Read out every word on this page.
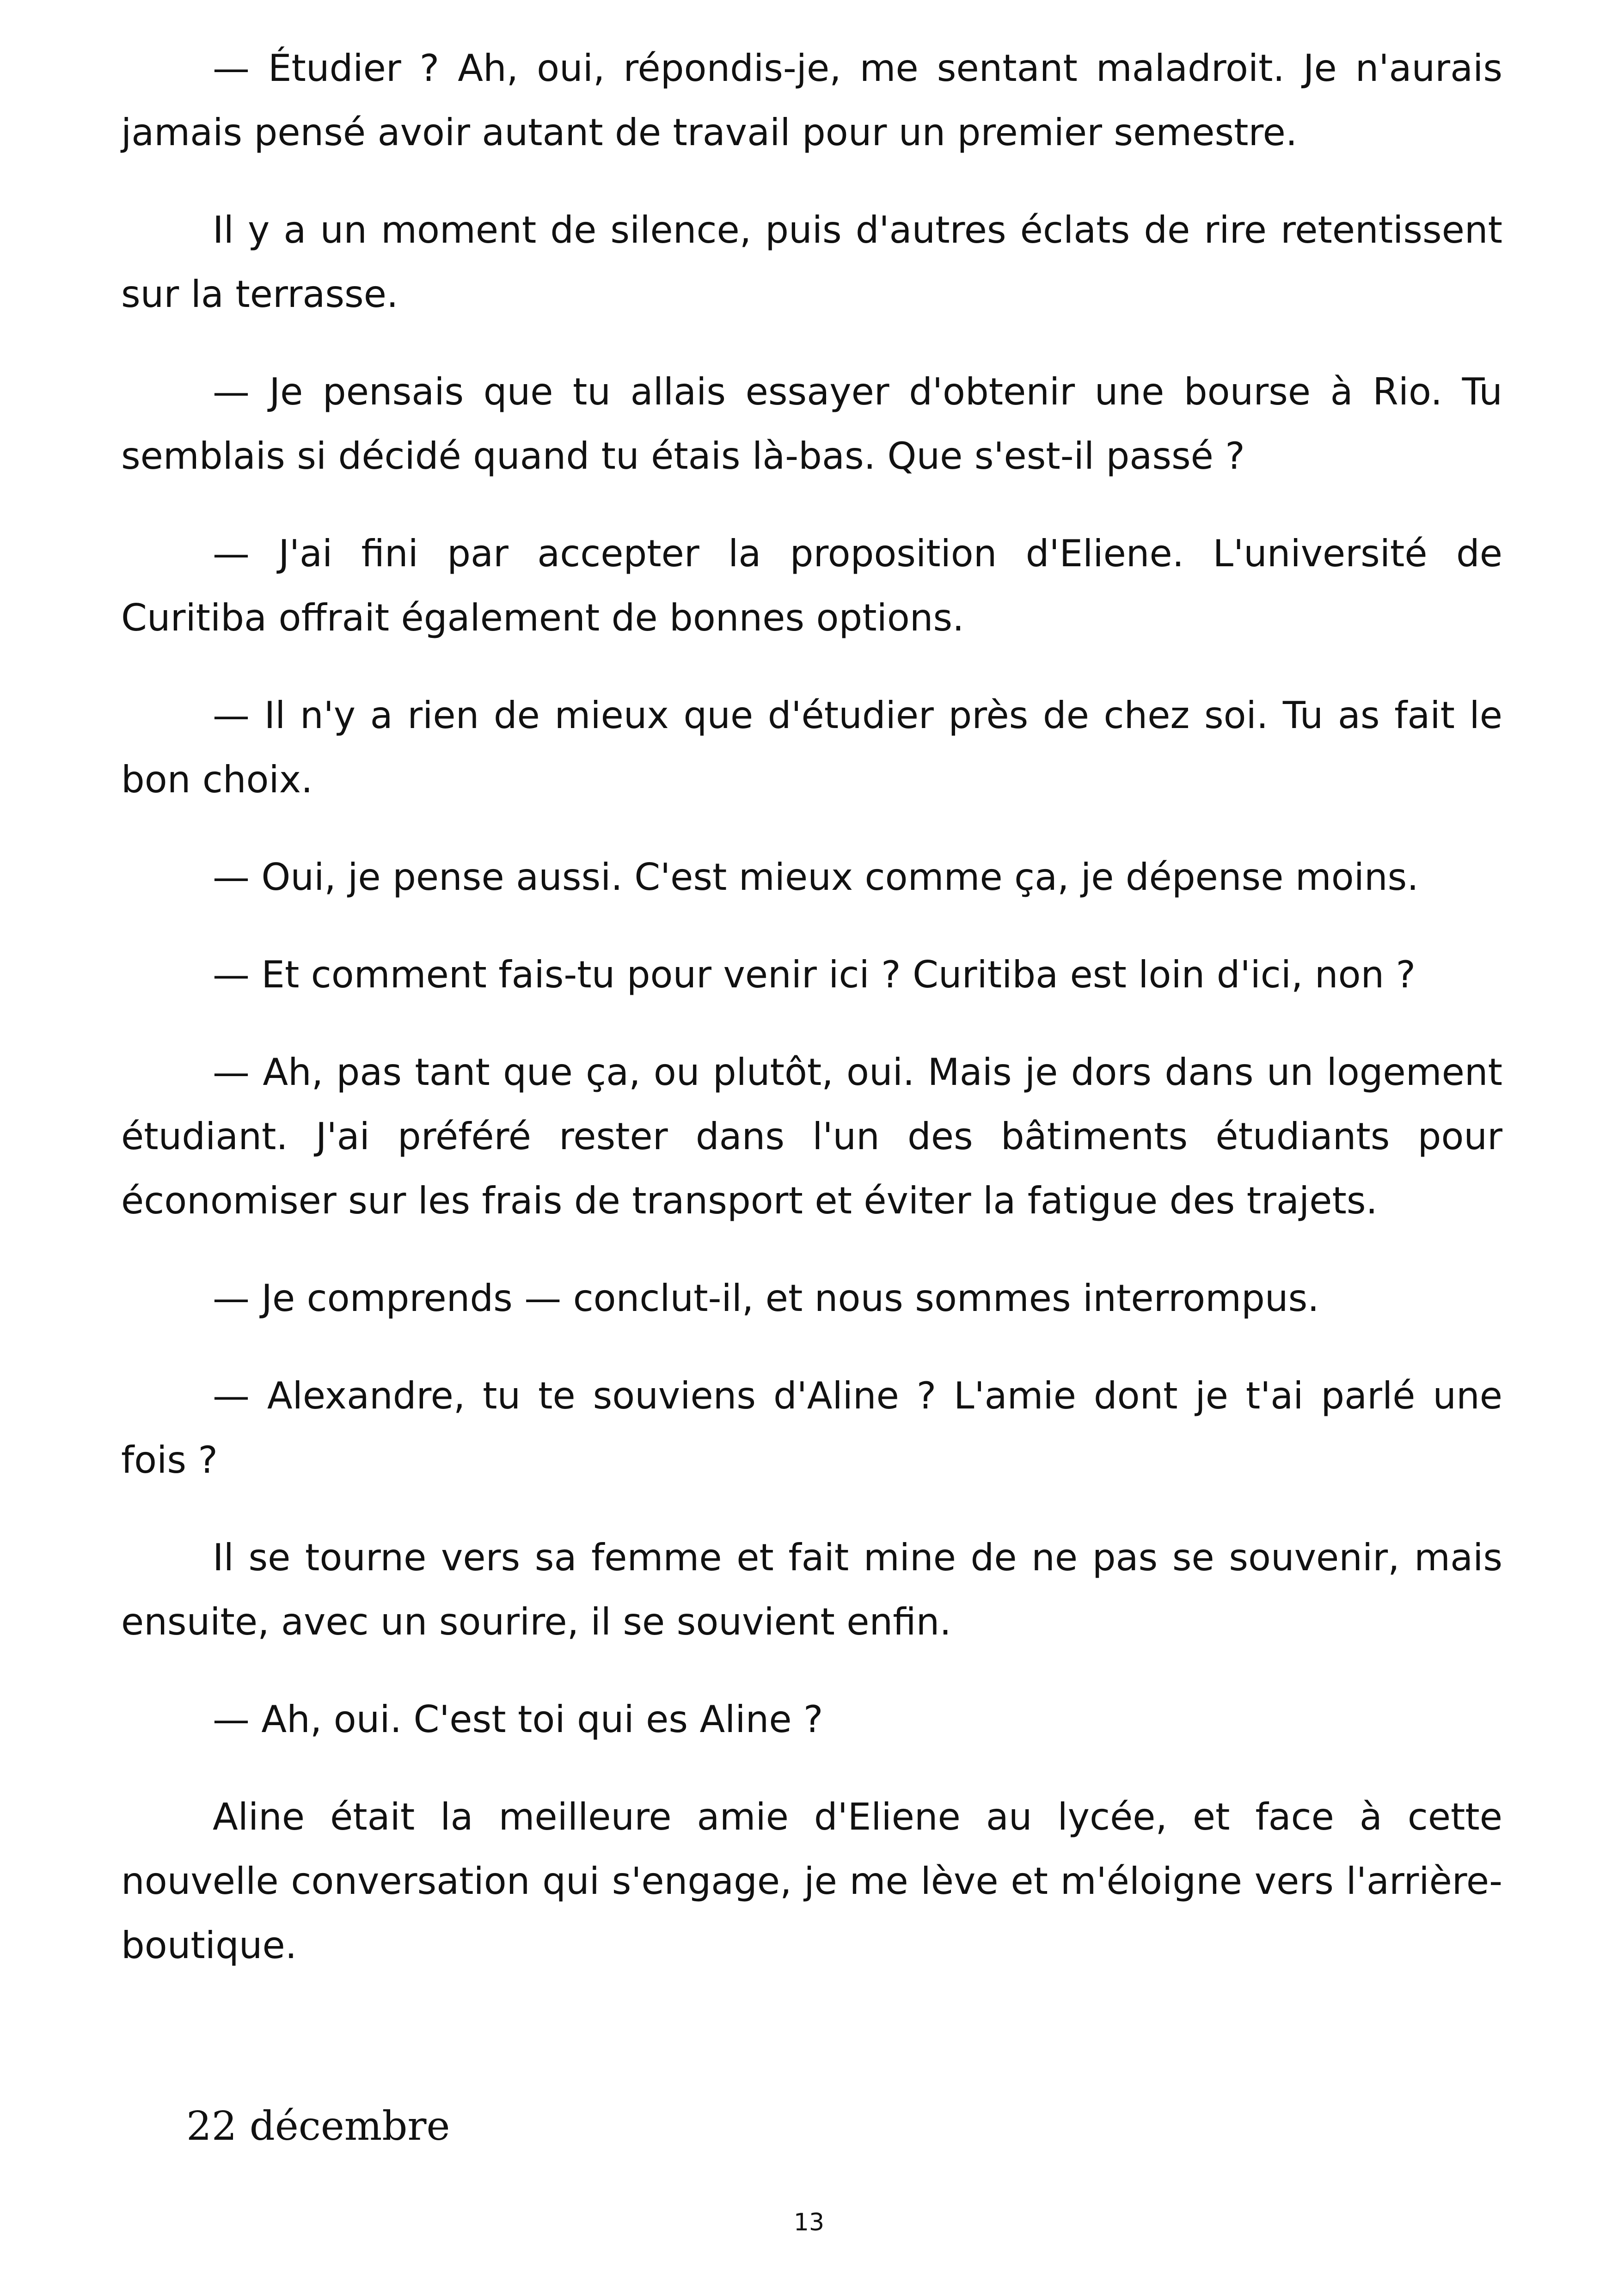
— Étudier ? Ah, oui, répondis-je, me sentant maladroit. Je n'aurais jamais pensé avoir autant de travail pour un premier semestre.

Il y a un moment de silence, puis d'autres éclats de rire retentissent sur la terrasse.

— Je pensais que tu allais essayer d'obtenir une bourse à Rio. Tu semblais si décidé quand tu étais là-bas. Que s'est-il passé ?

— J'ai fini par accepter la proposition d'Eliene. L'université de Curitiba offrait également de bonnes options.

— Il n'y a rien de mieux que d'étudier près de chez soi. Tu as fait le bon choix.

— Oui, je pense aussi. C'est mieux comme ça, je dépense moins.

— Et comment fais-tu pour venir ici ? Curitiba est loin d'ici, non ?

— Ah, pas tant que ça, ou plutôt, oui. Mais je dors dans un logement étudiant. J'ai préféré rester dans l'un des bâtiments étudiants pour économiser sur les frais de transport et éviter la fatigue des trajets.

— Je comprends — conclut-il, et nous sommes interrompus.

— Alexandre, tu te souviens d'Aline ? L'amie dont je t'ai parlé une fois ?

Il se tourne vers sa femme et fait mine de ne pas se souvenir, mais ensuite, avec un sourire, il se souvient enfin.

— Ah, oui. C'est toi qui es Aline ?

Aline était la meilleure amie d'Eliene au lycée, et face à cette nouvelle conversation qui s'engage, je me lève et m'éloigne vers l'arrière-boutique.

22 décembre
13
